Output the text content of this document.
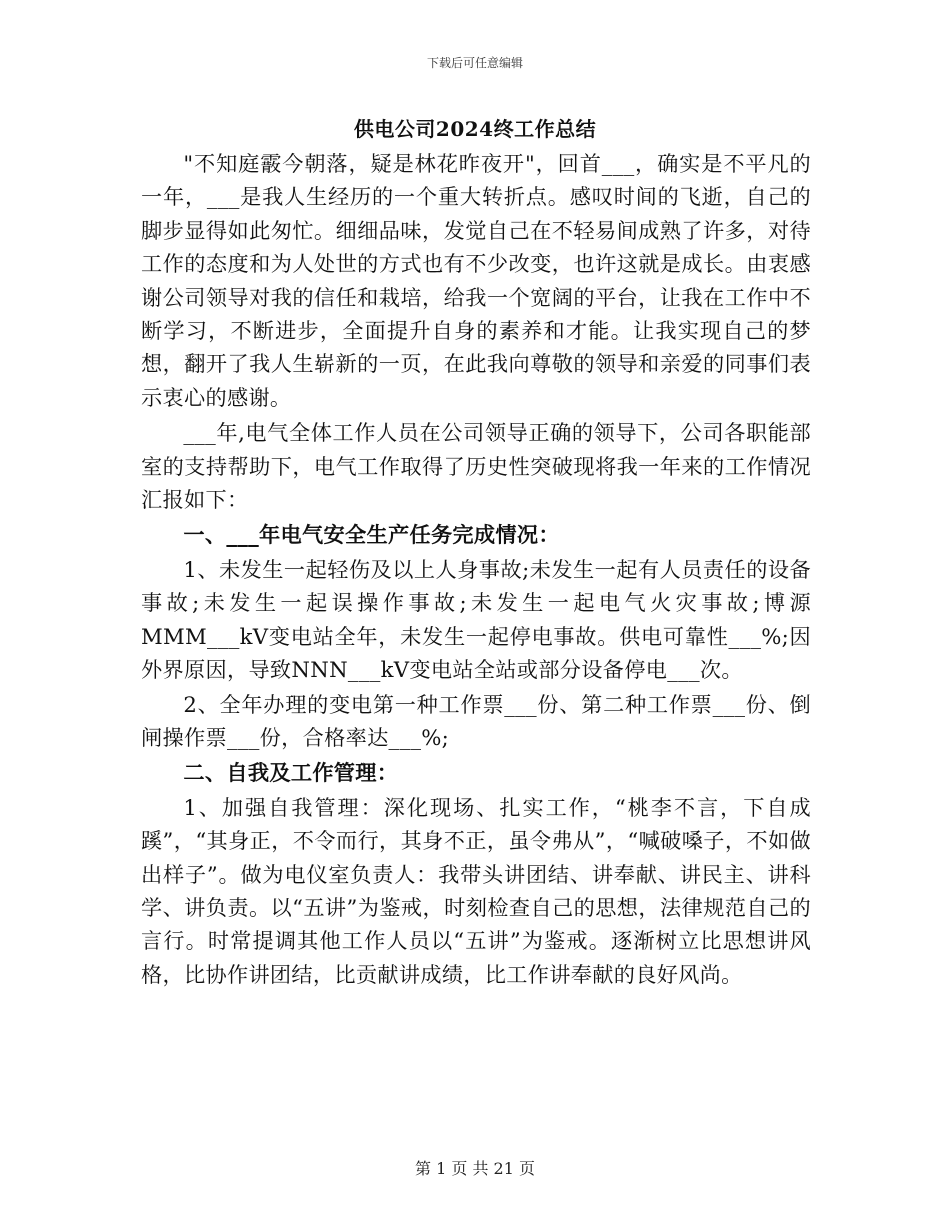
下载后可任意编辑
供电公司2024终工作总结

"不知庭霰今朝落，疑是林花昨夜开"，回首___，确实是不平凡的一年，___是我人生经历的一个重大转折点。感叹时间的飞逝，自己的脚步显得如此匆忙。细细品味，发觉自己在不轻易间成熟了许多，对待工作的态度和为人处世的方式也有不少改变，也许这就是成长。由衷感谢公司领导对我的信任和栽培，给我一个宽阔的平台，让我在工作中不断学习，不断进步，全面提升自身的素养和才能。让我实现自己的梦想，翻开了我人生崭新的一页，在此我向尊敬的领导和亲爱的同事们表示衷心的感谢。

___年,电气全体工作人员在公司领导正确的领导下，公司各职能部室的支持帮助下，电气工作取得了历史性突破现将我一年来的工作情况汇报如下：

一、___年电气安全生产任务完成情况：

1、未发生一起轻伤及以上人身事故;未发生一起有人员责任的设备事故;未发生一起误操作事故;未发生一起电气火灾事故;博源MMM___kV变电站全年，未发生一起停电事故。供电可靠性___%;因外界原因，导致NNN___kV变电站全站或部分设备停电___次。

2、全年办理的变电第一种工作票___份、第二种工作票___份、倒闸操作票___份，合格率达___%;

二、自我及工作管理：

1、加强自我管理：深化现场、扎实工作，“桃李不言，下自成蹊”，“其身正，不令而行，其身不正，虽令弗从”，“喊破嗓子，不如做出样子”。做为电仪室负责人：我带头讲团结、讲奉献、讲民主、讲科学、讲负责。以“五讲”为鉴戒，时刻检查自己的思想，法律规范自己的言行。时常提调其他工作人员以“五讲”为鉴戒。逐渐树立比思想讲风格，比协作讲团结，比贡献讲成绩，比工作讲奉献的良好风尚。

第 1 页 共 21 页
